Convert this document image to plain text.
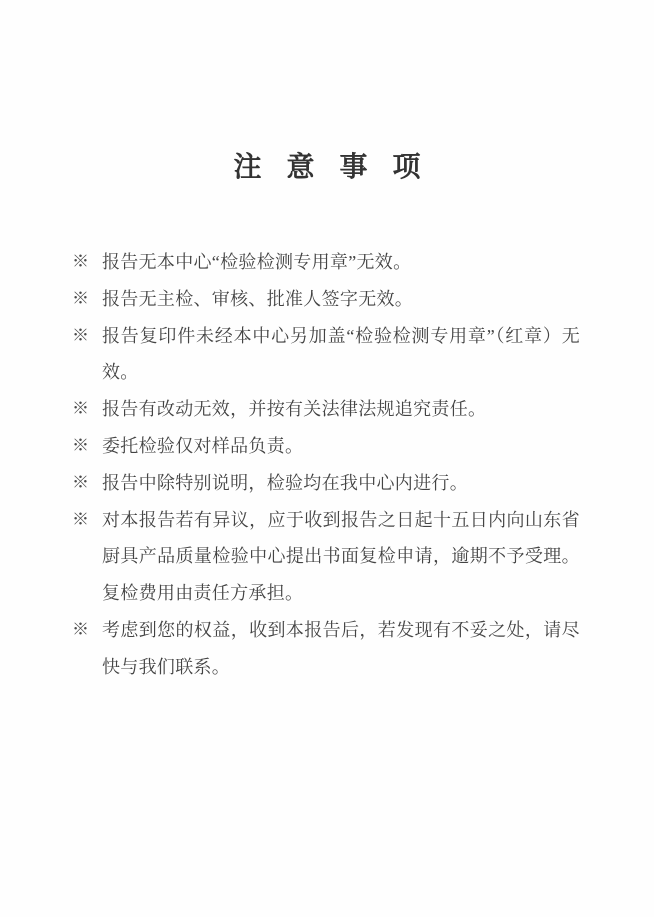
注 意 事 项
※ 报告无本中心“检验检测专用章”无效。
※ 报告无主检、审核、批准人签字无效。
※ 报告复印件未经本中心另加盖“检验检测专用章”（红章）无效。
※ 报告有改动无效，并按有关法律法规追究责任。
※ 委托检验仅对样品负责。
※ 报告中除特别说明，检验均在我中心内进行。
※ 对本报告若有异议，应于收到报告之日起十五日内向山东省厨具产品质量检验中心提出书面复检申请，逾期不予受理。复检费用由责任方承担。
※ 考虑到您的权益，收到本报告后，若发现有不妥之处，请尽快与我们联系。
